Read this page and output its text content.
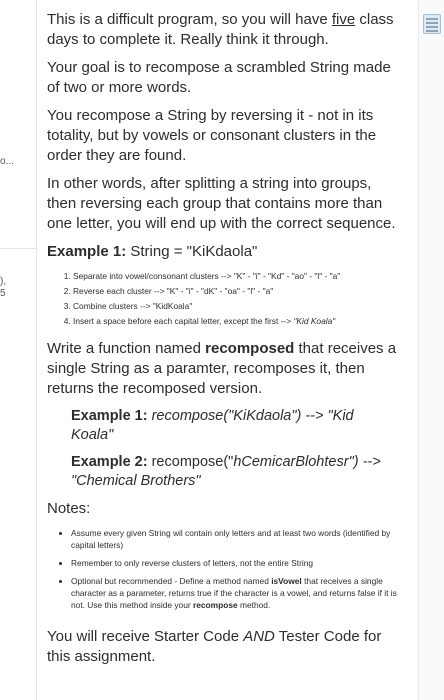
o...
),
5

This is a difficult program, so you will have five class days to complete it. Really think it through.

Your goal is to recompose a scrambled String made of two or more words.

You recompose a String by reversing it - not in its totality, but by vowels or consonant clusters in the order they are found.

In other words, after splitting a string into groups, then reversing each group that contains more than one letter, you will end up with the correct sequence.

Example 1: String = "KiKdaola"
1. Separate into vowel/consonant clusters --> "K" - "i" - "Kd" - "ao" - "l" - "a"
2. Reverse each cluster --> "K" - "i" - "dK" - "oa" - "l" - "a"
3. Combine clusters --> "KidKoala"
4. Insert a space before each capital letter, except the first --> "Kid Koala"

Write a function named recomposed that receives a single String as a paramter, recomposes it, then returns the recomposed version.

Example 1: recompose("KiKdaola") --> "Kid Koala"
Example 2: recompose("hCemicarBlohtesr") --> "Chemical Brothers"
Notes:
• Assume every given String wil contain only letters and at least two words (identified by capital letters)
• Remember to only reverse clusters of letters, not the entire String
• Optional but recommended - Define a method named isVowel that receives a single character as a parameter, returns true if the character is a vowel, and returns false if it is not. Use this method inside your recompose method.

You will receive Starter Code AND Tester Code for this assignment.
